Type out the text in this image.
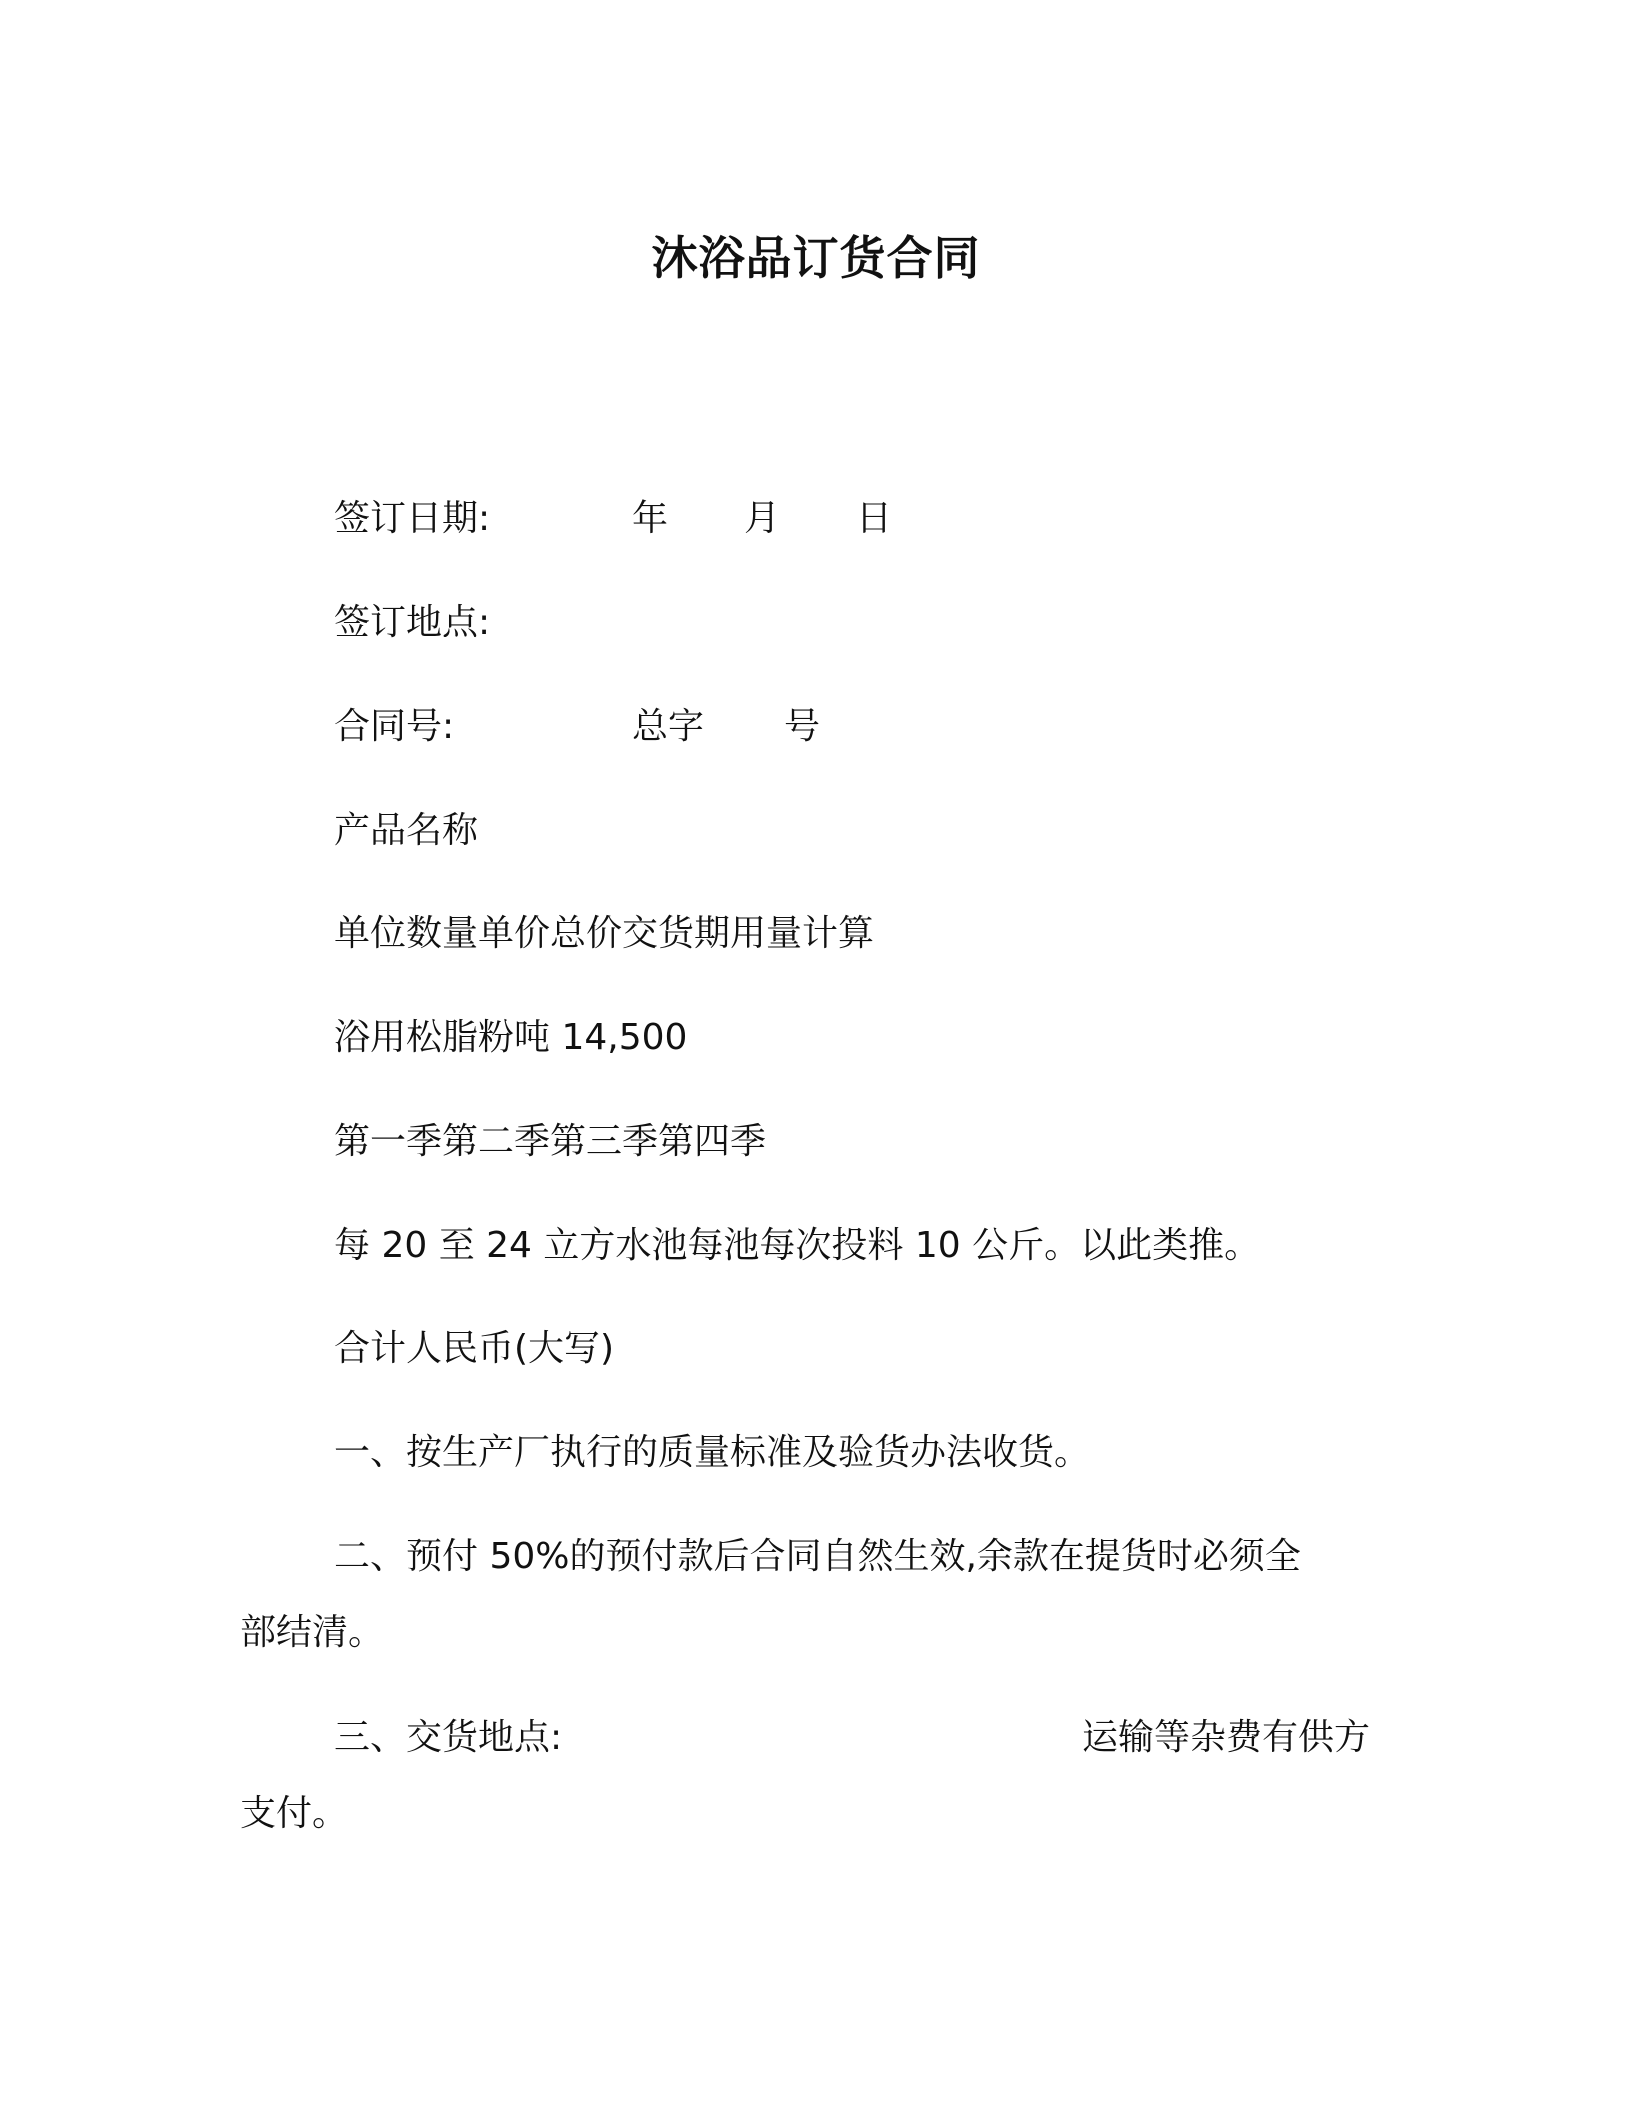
沐浴品订货合同
签订日期:	年 月 日
签订地点:
合同号:	总字 号
产品名称
单位数量单价总价交货期用量计算
浴用松脂粉吨 14,500
第一季第二季第三季第四季
每 20 至 24 立方水池每池每次投料 10 公斤。以此类推。
合计人民币(大写)
一、按生产厂执行的质量标准及验货办法收货。
二、预付 50%的预付款后合同自然生效,余款在提货时必须全
部结清。
三、交货地点:	运输等杂费有供方
支付。
